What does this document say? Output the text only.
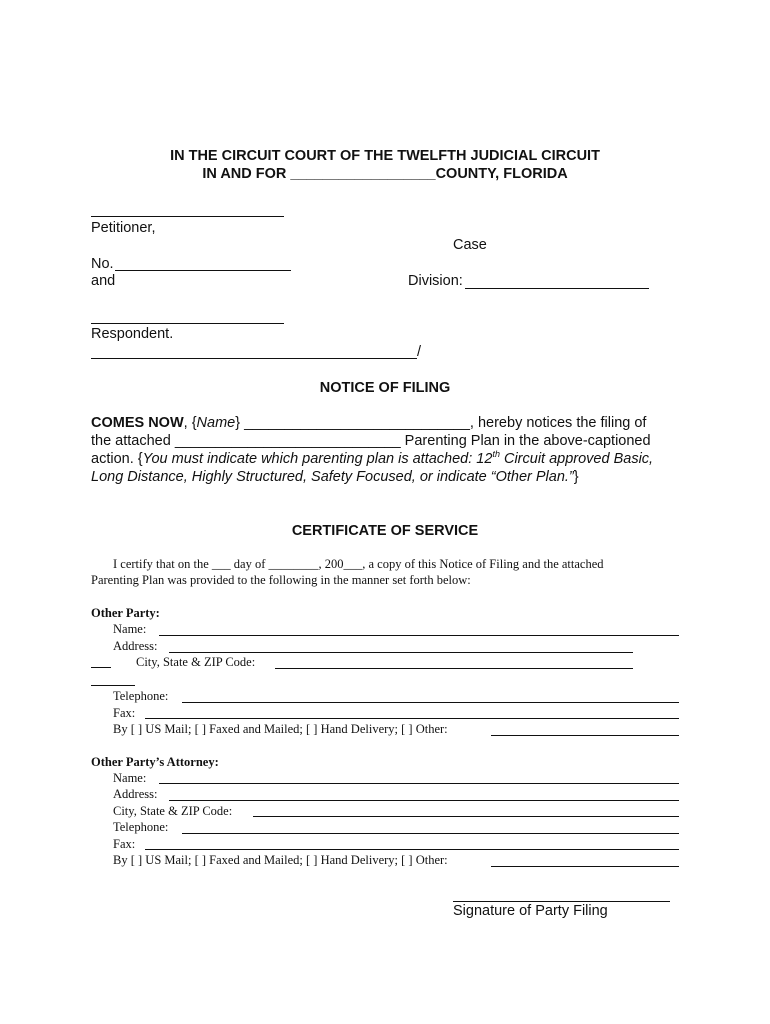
IN THE CIRCUIT COURT OF THE TWELFTH JUDICIAL CIRCUIT
IN AND FOR __________________COUNTY, FLORIDA
Petitioner,
Case
No.
and	Division:
Respondent.
/
NOTICE OF FILING
COMES NOW, {Name} ____________________________, hereby notices the filing of
the attached ____________________________ Parenting Plan in the above-captioned
action. {You must indicate which parenting plan is attached: 12th Circuit approved Basic,
Long Distance, Highly Structured, Safety Focused, or indicate “Other Plan.”}
CERTIFICATE OF SERVICE
I certify that on the ___ day of ________, 200___, a copy of this Notice of Filing and the attached
Parenting Plan was provided to the following in the manner set forth below:
Other Party:
Name:
Address:
City, State & ZIP Code:
Telephone:
Fax:
By [ ] US Mail; [ ] Faxed and Mailed; [ ] Hand Delivery; [ ] Other:
Other Party’s Attorney:
Name:
Address:
City, State & ZIP Code:
Telephone:
Fax:
By [ ] US Mail; [ ] Faxed and Mailed; [ ] Hand Delivery; [ ] Other:
Signature of Party Filing
